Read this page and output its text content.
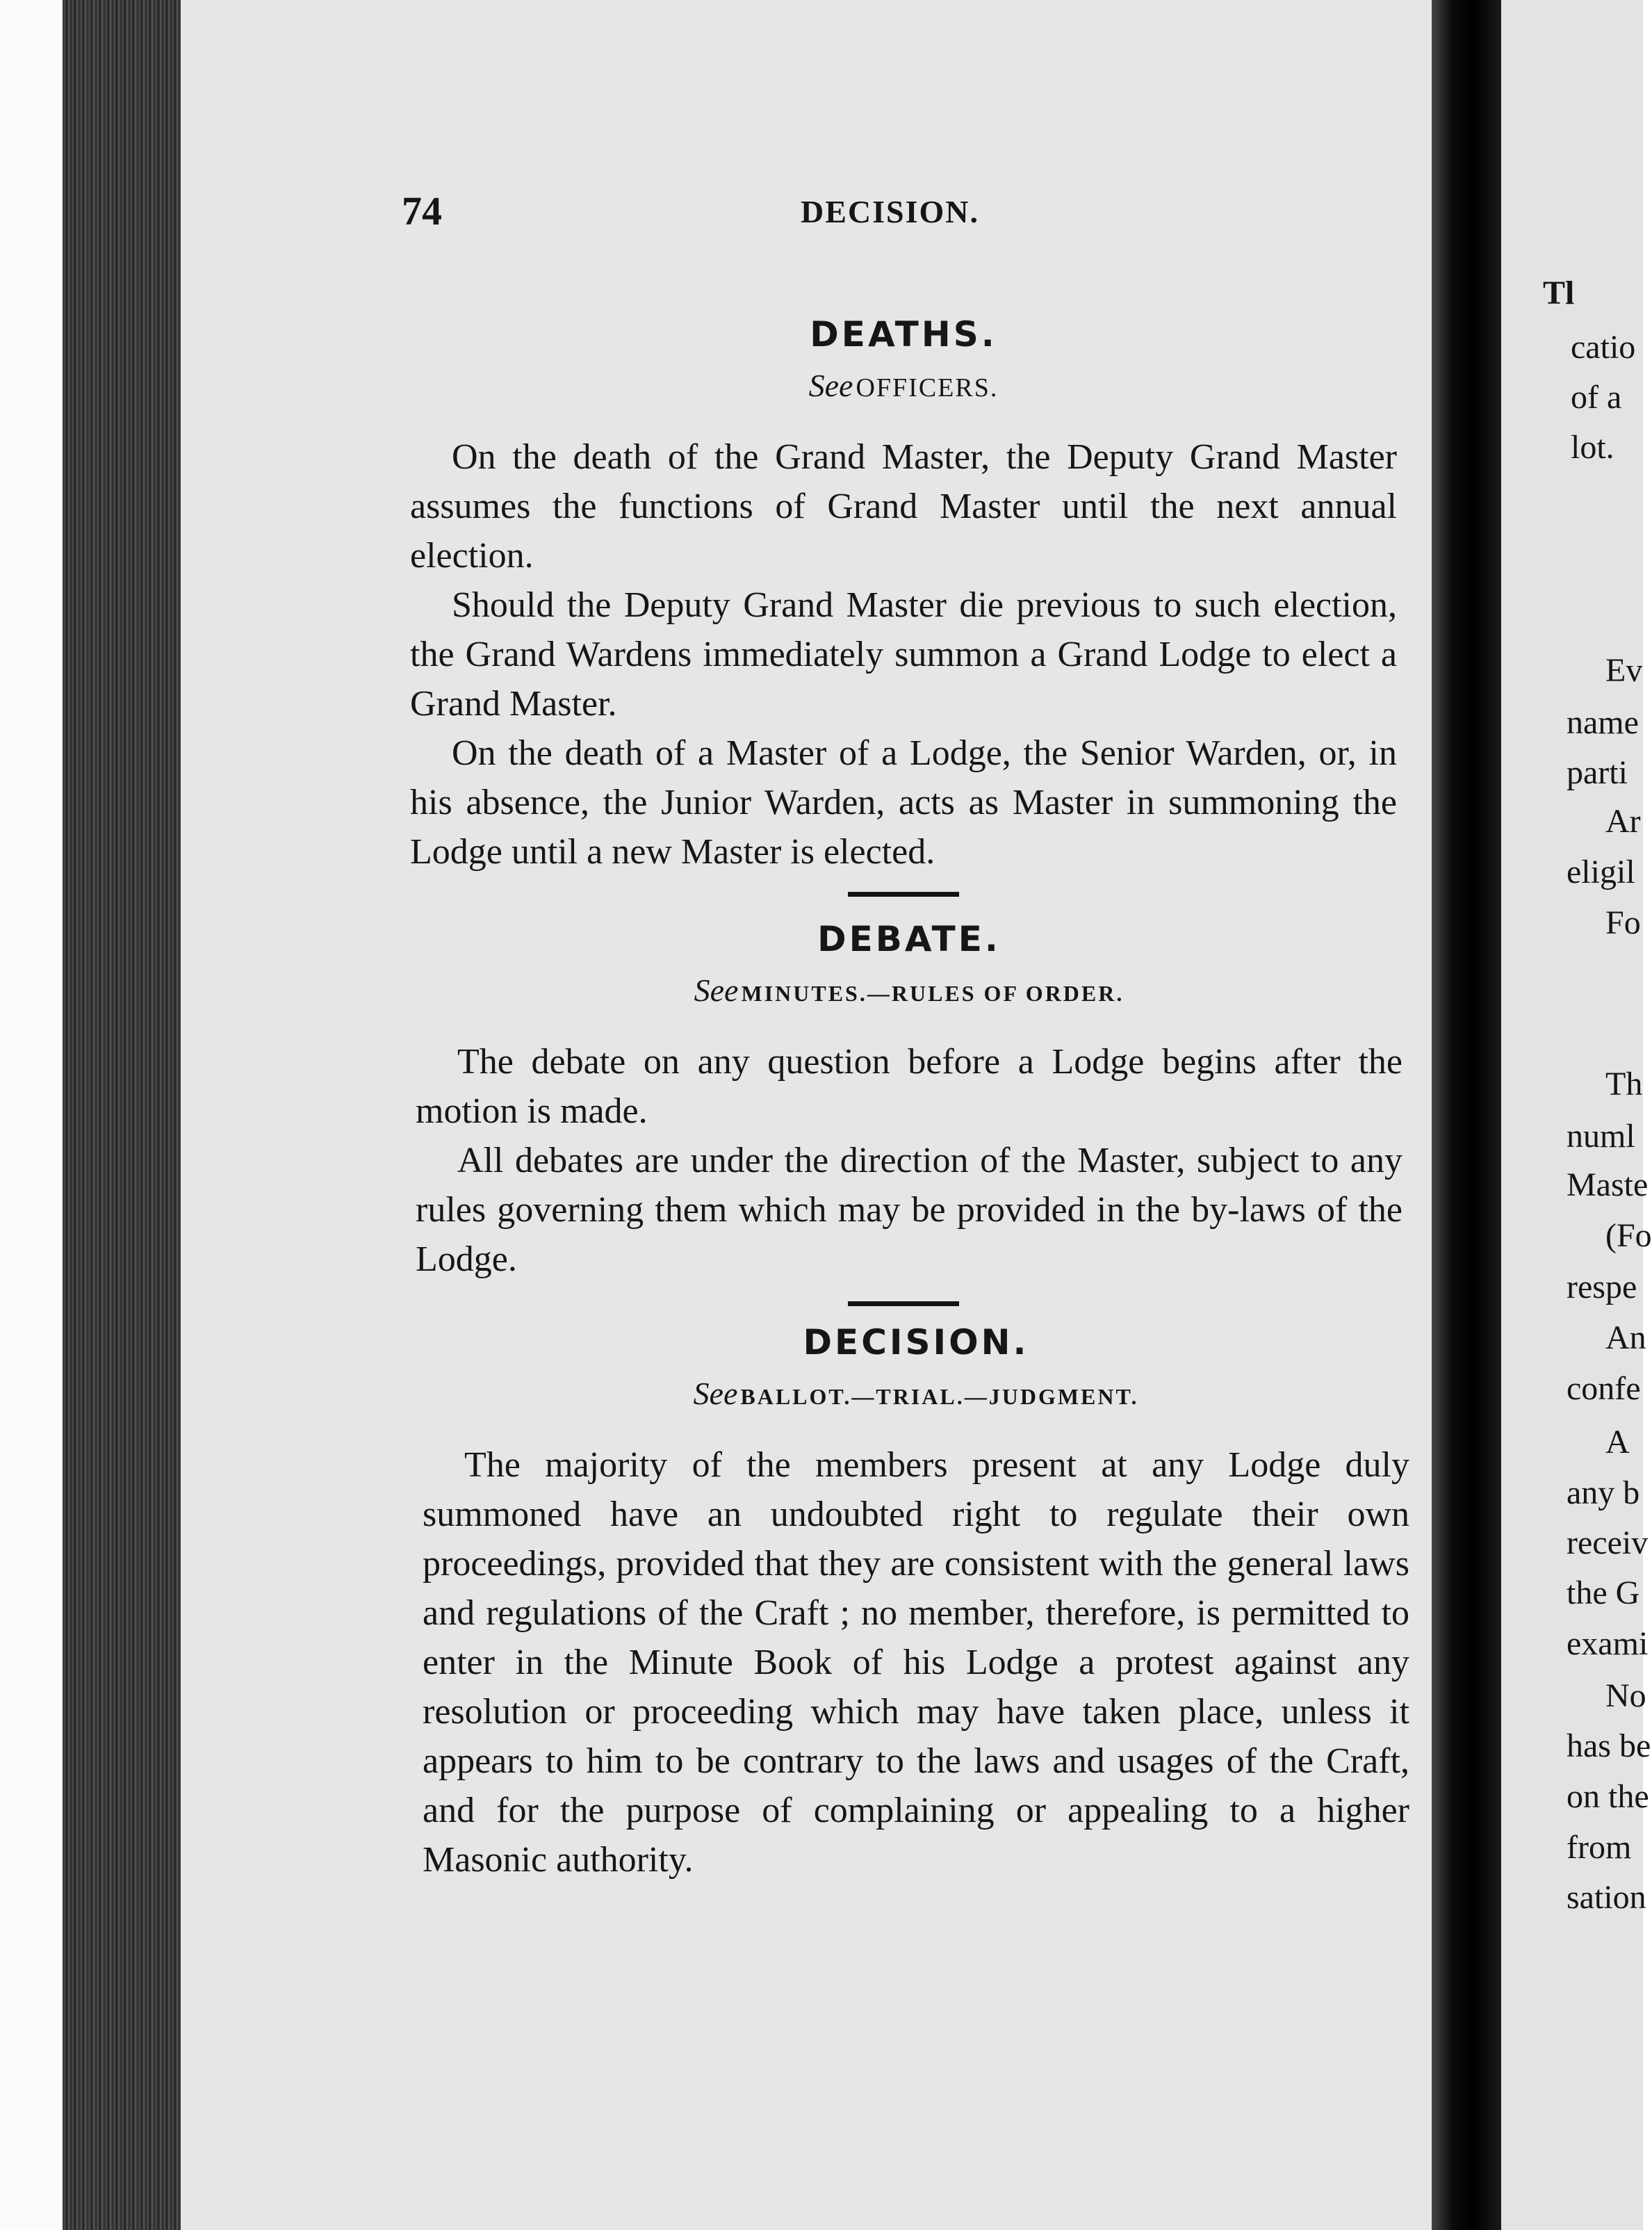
74	DECISION.
DEATHS.

See OFFICERS.

On the death of the Grand Master, the Deputy Grand Master assumes the functions of Grand Master until the next annual election.

Should the Deputy Grand Master die previous to such election, the Grand Wardens immediately summon a Grand Lodge to elect a Grand Master.

On the death of a Master of a Lodge, the Senior Warden, or, in his absence, the Junior Warden, acts as Master in summoning the Lodge until a new Master is elected.

DEBATE.

See MINUTES.—RULES OF ORDER.

The debate on any question before a Lodge begins after the motion is made.

All debates are under the direction of the Master, subject to any rules governing them which may be provided in the by-laws of the Lodge.

DECISION.

See BALLOT.—TRIAL.—JUDGMENT.

The majority of the members present at any Lodge duly summoned have an undoubted right to regulate their own proceedings, provided that they are consistent with the general laws and regulations of the Craft ; no member, therefore, is permitted to enter in the Minute Book of his Lodge a protest against any resolution or proceeding which may have taken place, unless it appears to him to be contrary to the laws and usages of the Craft, and for the purpose of complaining or appealing to a higher Masonic authority.

Tl
catio
of a
lot.
Ev
name
parti
Ar
eligil
Fo
Th
numl
Maste
(Fo
respe
An
confe
A
any b
receiv
the G
exami
No
has be
on the
from
sation
